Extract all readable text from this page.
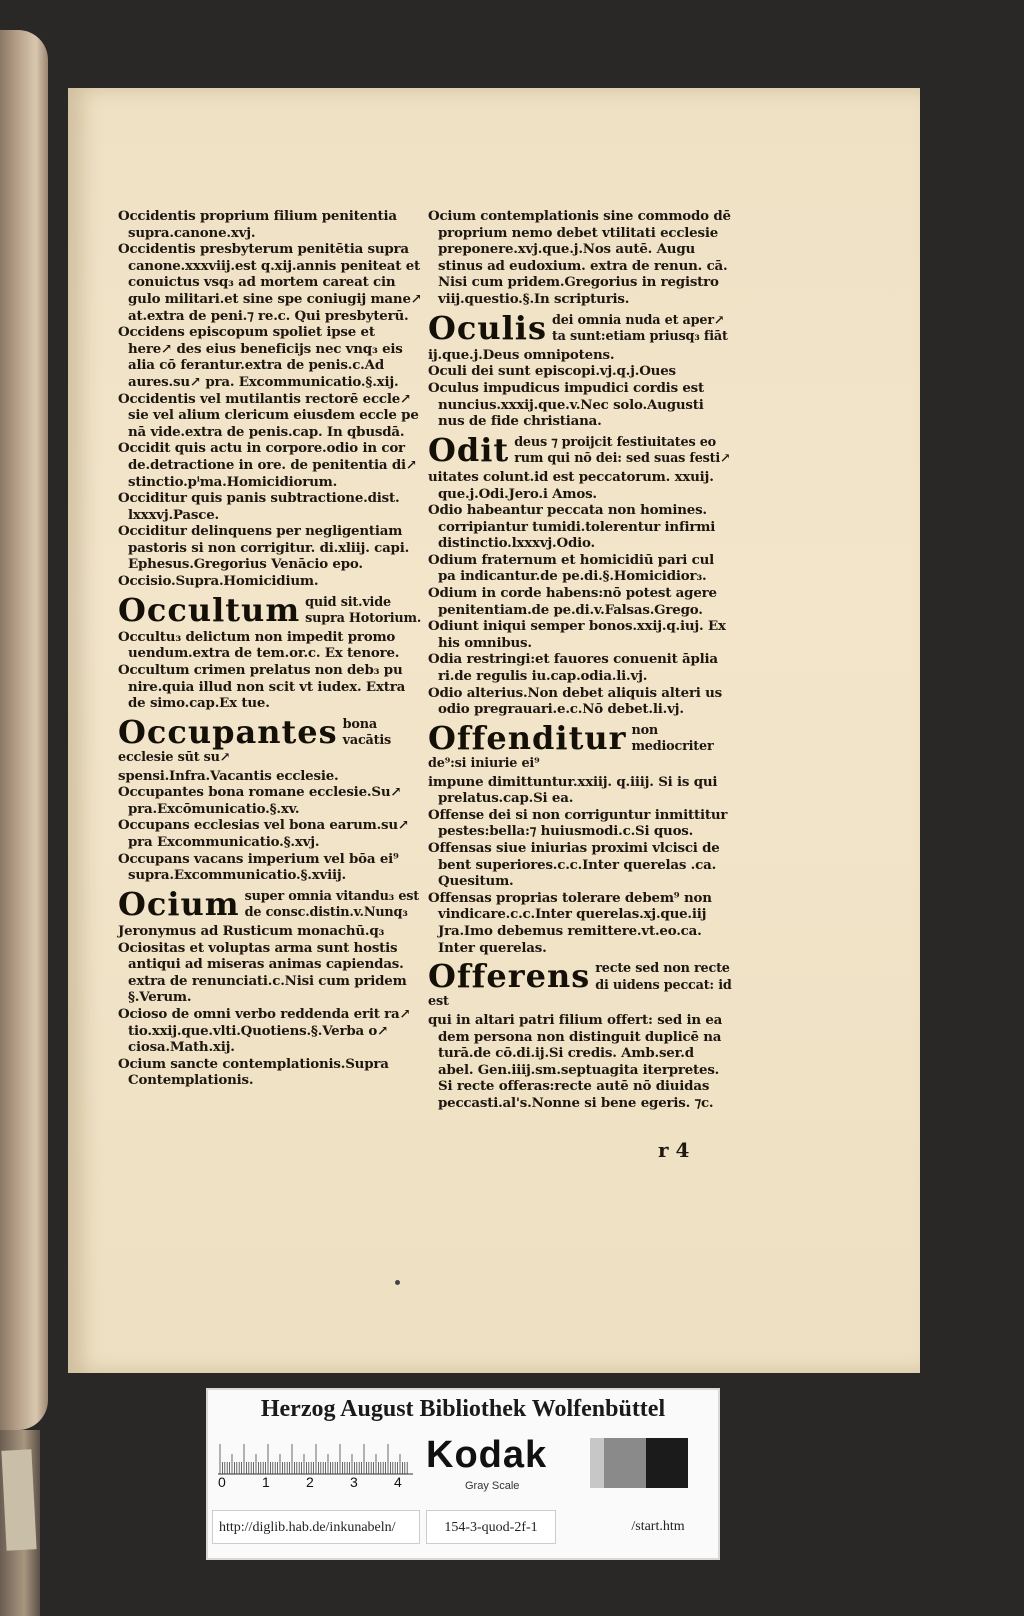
Occidentis proprium filium penitentia supra.canone.xvj.
Occidentis presbyterum penitētia supra canone.xxxviij.est q.xij.annis peniteat et conuictus vsq₃ ad mortem careat cin gulo militari.et sine spe coniugij mane↗ at.extra de peni.⁊ re.c. Qui presbyterū.
Occidens episcopum spoliet ipse et here↗ des eius beneficijs nec vnq₃ eis alia cō ferantur.extra de penis.c.Ad aures.su↗ pra. Excommunicatio.§.xij.
Occidentis vel mutilantis rectorē eccle↗ sie vel alium clericum eiusdem eccle pe nā vide.extra de penis.cap. In qbusdā.
Occidit quis actu in corpore.odio in cor de.detractione in ore. de penitentia di↗ stinctio.pⁱma.Homicidiorum.
Occiditur quis panis subtractione.dist. lxxxvj.Pasce.
Occiditur delinquens per negligentiam pastoris si non corrigitur. di.xliij. capi. Ephesus.Gregorius Venācio epo.
Occisio.Supra.Homicidium.
Occultum quid sit.vide supra Hotorium.
Occultu₃ delictum non impedit promo uendum.extra de tem.or.c. Ex tenore.
Occultum crimen prelatus non deb₃ pu nire.quia illud non scit vt iudex. Extra de simo.cap.Ex tue.
Occupantes bona vacātis ecclesie sūt su↗
spensi.Infra.Vacantis ecclesie.
Occupantes bona romane ecclesie.Su↗ pra.Excōmunicatio.§.xv.
Occupans ecclesias vel bona earum.su↗ pra Excommunicatio.§.xvj.
Occupans vacans imperium vel bōa ei⁹ supra.Excommunicatio.§.xviij.
Ocium super omnia vitandu₃ est de consc.distin.v.Nunq₃
Jeronymus ad Rusticum monachū.q₃
Ociositas et voluptas arma sunt hostis antiqui ad miseras animas capiendas. extra de renunciati.c.Nisi cum pridem §.Verum.
Ocioso de omni verbo reddenda erit ra↗ tio.xxij.que.vlti.Quotiens.§.Verba o↗ ciosa.Math.xij.
Ocium sancte contemplationis.Supra Contemplationis.
Ocium contemplationis sine commodo dē proprium nemo debet vtilitati ecclesie preponere.xvj.que.j.Nos autē. Augu stinus ad eudoxium. extra de renun. cā. Nisi cum pridem.Gregorius in registro viij.questio.§.In scripturis.
Oculis dei omnia nuda et aper↗ ta sunt:etiam priusq₃ fiāt
ij.que.j.Deus omnipotens.
Oculi dei sunt episcopi.vj.q.j.Oues
Oculus impudicus impudici cordis est nuncius.xxxij.que.v.Nec solo.Augusti nus de fide christiana.
Odit deus ⁊ proijcit festiuitates eo rum qui nō dei: sed suas festi↗
uitates colunt.id est peccatorum. xxuij. que.j.Odi.Jero.i Amos.
Odio habeantur peccata non homines. corripiantur tumidi.tolerentur infirmi distinctio.lxxxvj.Odio.
Odium fraternum et homicidiū pari cul pa indicantur.de pe.di.§.Homicidior₃.
Odium in corde habens:nō potest agere penitentiam.de pe.di.v.Falsas.Grego.
Odiunt iniqui semper bonos.xxij.q.iuj. Ex his omnibus.
Odia restringi:et fauores conuenit āplia ri.de regulis iu.cap.odia.li.vj.
Odio alterius.Non debet aliquis alteri us odio pregrauari.e.c.Nō debet.li.vj.
Offenditur non mediocriter de⁹:si iniurie ei⁹
impune dimittuntur.xxiij. q.iiij. Si is qui prelatus.cap.Si ea.
Offense dei si non corriguntur inmittitur pestes:bella:⁊ huiusmodi.c.Si quos.
Offensas siue iniurias proximi vlcisci de bent superiores.c.c.Inter querelas .ca. Quesitum.
Offensas proprias tolerare debem⁹ non vindicare.c.c.Inter querelas.xj.que.iij Jra.Imo debemus remittere.vt.eo.ca. Inter querelas.
Offerens recte sed non recte di uidens peccat: id est
qui in altari patri filium offert: sed in ea dem persona non distinguit duplicē na turā.de cō.di.ij.Si credis. Amb.ser.d abel. Gen.iiij.sm.septuagita iterpretes. Si recte offeras:recte autē nō diuidas peccasti.al's.Nonne si bene egeris. ⁊c.
r 4
Herzog August Bibliothek Wolfenbüttel
0	1	2	3	4
Kodak
Gray Scale
http://diglib.hab.de/inkunabeln/	154-3-quod-2f-1	/start.htm
